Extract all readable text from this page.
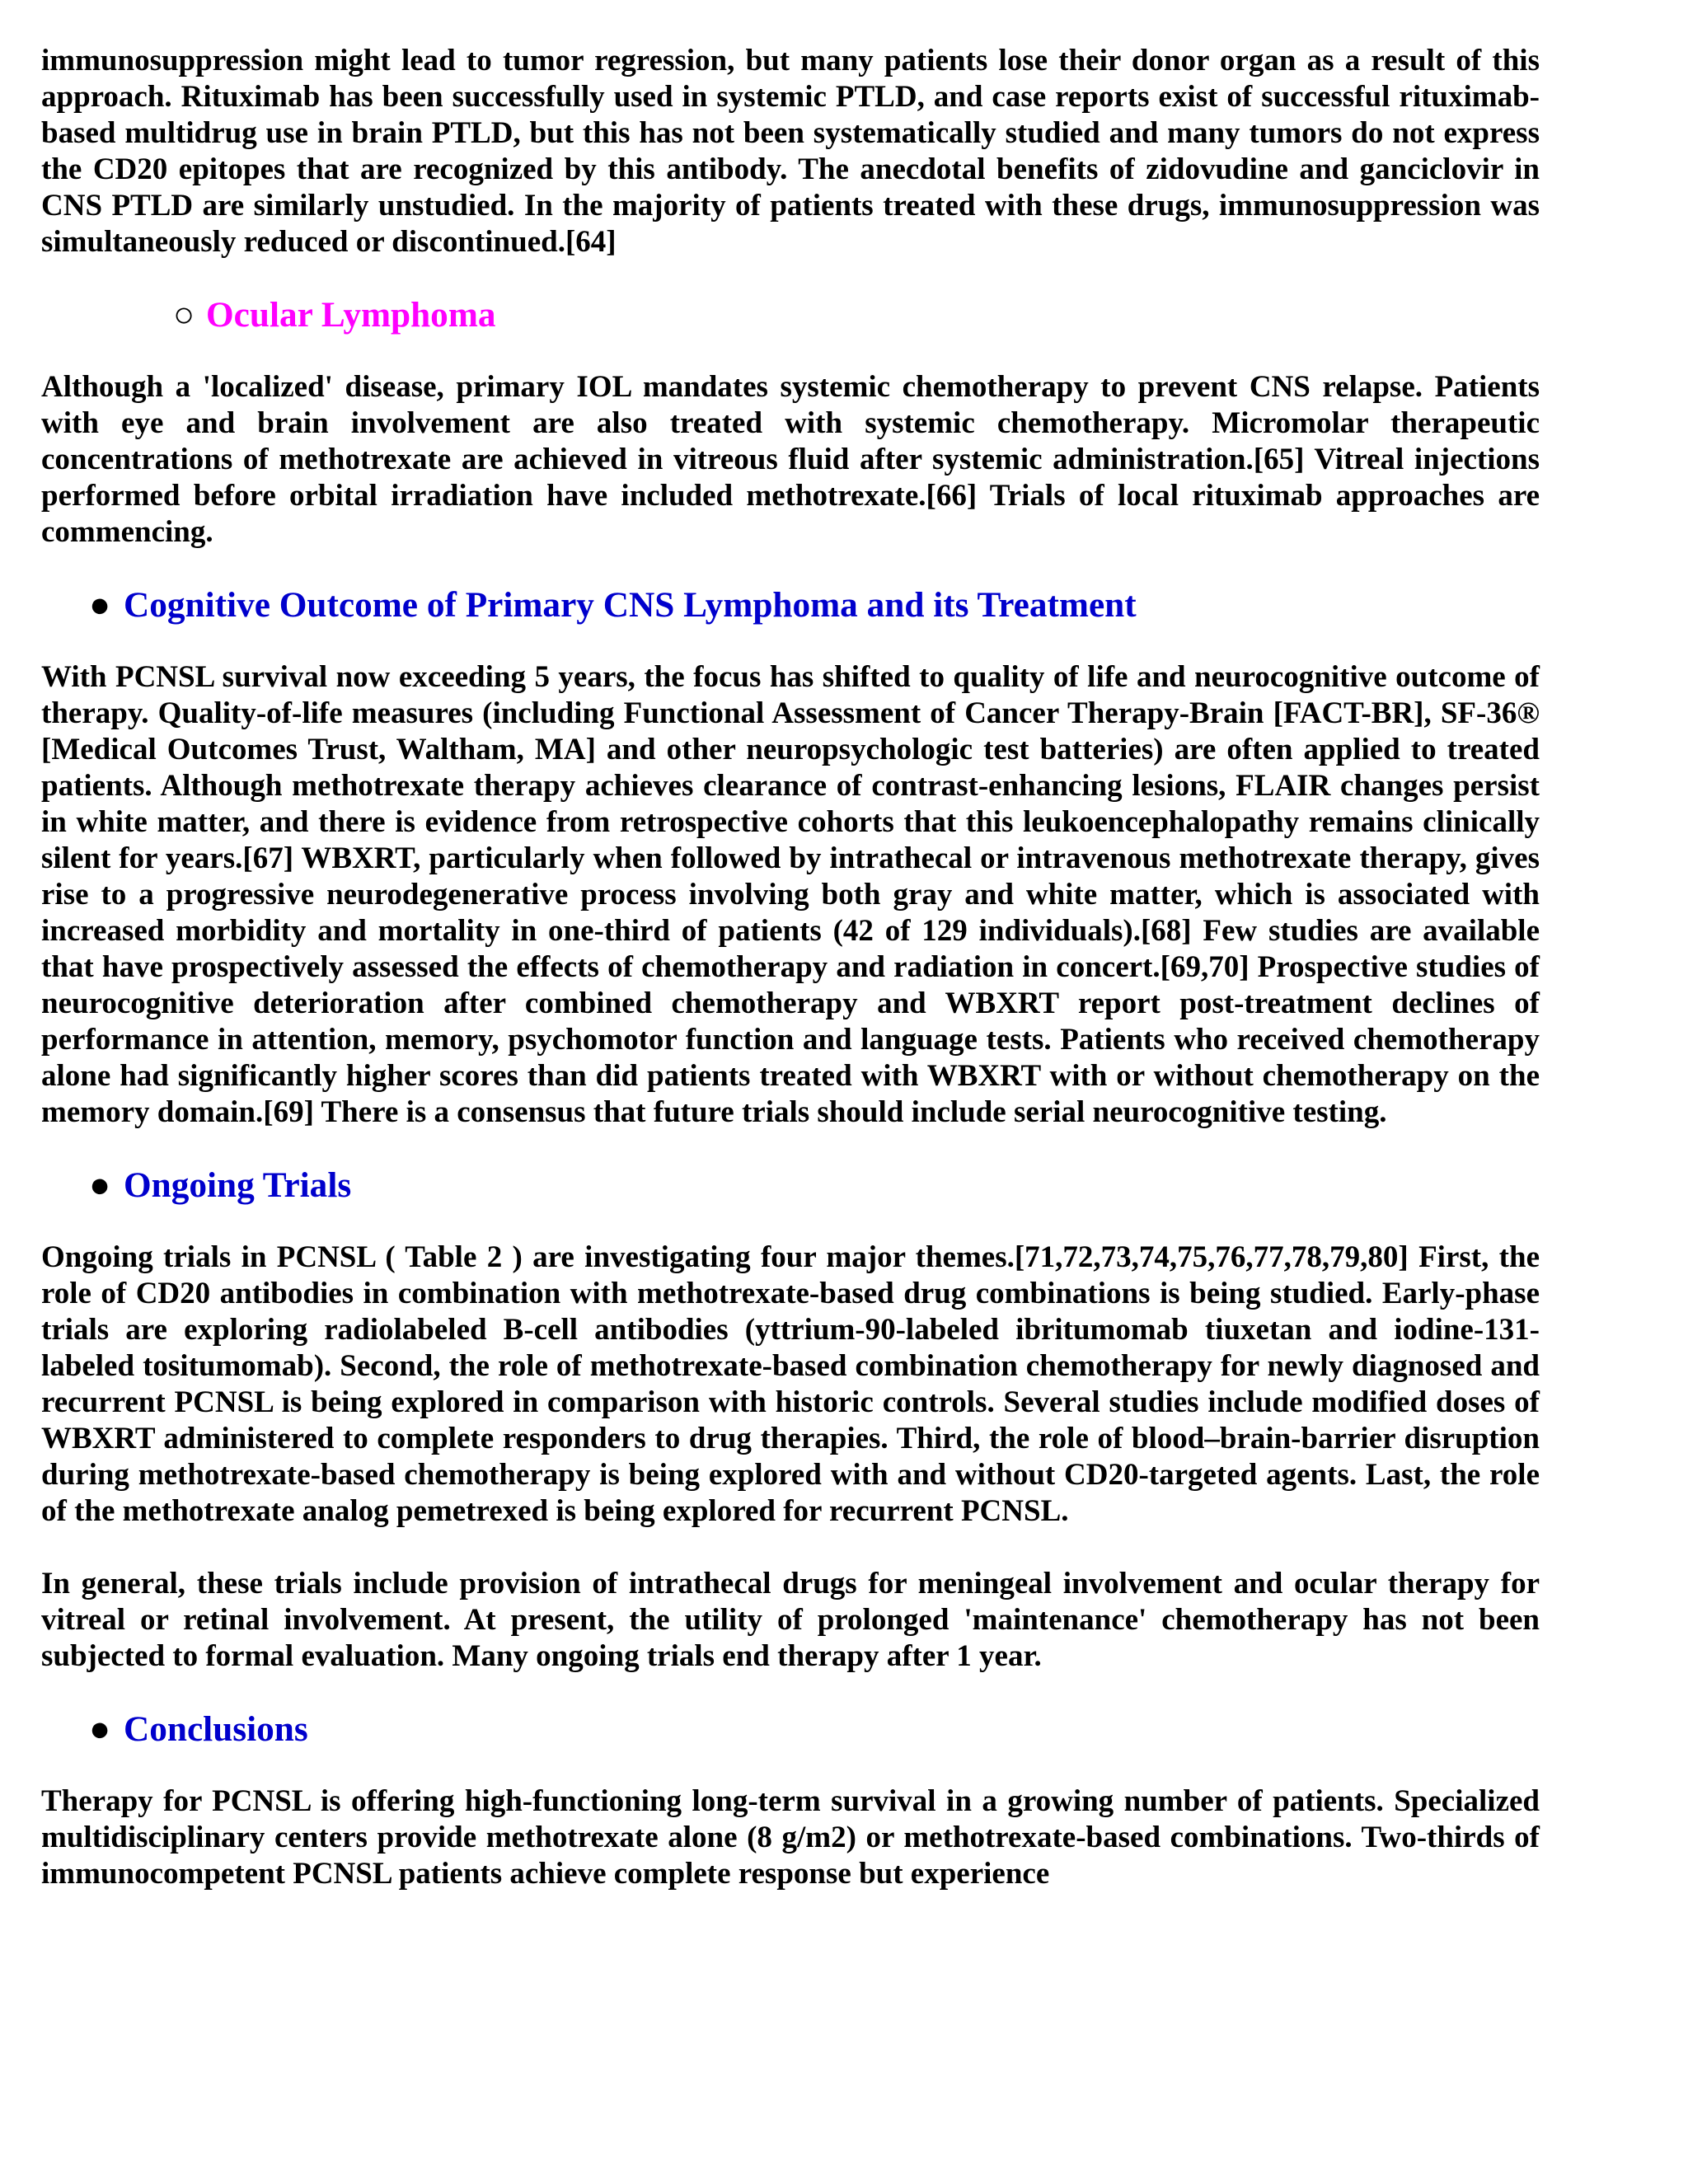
immunosuppression might lead to tumor regression, but many patients lose their donor organ as a result of this approach. Rituximab has been successfully used in systemic PTLD, and case reports exist of successful rituximab-based multidrug use in brain PTLD, but this has not been systematically studied and many tumors do not express the CD20 epitopes that are recognized by this antibody. The anecdotal benefits of zidovudine and ganciclovir in CNS PTLD are similarly unstudied. In the majority of patients treated with these drugs, immunosuppression was simultaneously reduced or discontinued.[64]

○ Ocular Lymphoma

Although a 'localized' disease, primary IOL mandates systemic chemotherapy to prevent CNS relapse. Patients with eye and brain involvement are also treated with systemic chemotherapy. Micromolar therapeutic concentrations of methotrexate are achieved in vitreous fluid after systemic administration.[65] Vitreal injections performed before orbital irradiation have included methotrexate.[66] Trials of local rituximab approaches are commencing.

● Cognitive Outcome of Primary CNS Lymphoma and its Treatment

With PCNSL survival now exceeding 5 years, the focus has shifted to quality of life and neurocognitive outcome of therapy. Quality-of-life measures (including Functional Assessment of Cancer Therapy-Brain [FACT-BR], SF-36® [Medical Outcomes Trust, Waltham, MA] and other neuropsychologic test batteries) are often applied to treated patients. Although methotrexate therapy achieves clearance of contrast-enhancing lesions, FLAIR changes persist in white matter, and there is evidence from retrospective cohorts that this leukoencephalopathy remains clinically silent for years.[67] WBXRT, particularly when followed by intrathecal or intravenous methotrexate therapy, gives rise to a progressive neurodegenerative process involving both gray and white matter, which is associated with increased morbidity and mortality in one-third of patients (42 of 129 individuals).[68] Few studies are available that have prospectively assessed the effects of chemotherapy and radiation in concert.[69,70] Prospective studies of neurocognitive deterioration after combined chemotherapy and WBXRT report post-treatment declines of performance in attention, memory, psychomotor function and language tests. Patients who received chemotherapy alone had significantly higher scores than did patients treated with WBXRT with or without chemotherapy on the memory domain.[69] There is a consensus that future trials should include serial neurocognitive testing.

● Ongoing Trials

Ongoing trials in PCNSL ( Table 2 ) are investigating four major themes.[71,72,73,74,75,76,77,78,79,80] First, the role of CD20 antibodies in combination with methotrexate-based drug combinations is being studied. Early-phase trials are exploring radiolabeled B-cell antibodies (yttrium-90-labeled ibritumomab tiuxetan and iodine-131-labeled tositumomab). Second, the role of methotrexate-based combination chemotherapy for newly diagnosed and recurrent PCNSL is being explored in comparison with historic controls. Several studies include modified doses of WBXRT administered to complete responders to drug therapies. Third, the role of blood–brain-barrier disruption during methotrexate-based chemotherapy is being explored with and without CD20-targeted agents. Last, the role of the methotrexate analog pemetrexed is being explored for recurrent PCNSL.

In general, these trials include provision of intrathecal drugs for meningeal involvement and ocular therapy for vitreal or retinal involvement. At present, the utility of prolonged 'maintenance' chemotherapy has not been subjected to formal evaluation. Many ongoing trials end therapy after 1 year.

● Conclusions

Therapy for PCNSL is offering high-functioning long-term survival in a growing number of patients. Specialized multidisciplinary centers provide methotrexate alone (8 g/m2) or methotrexate-based combinations. Two-thirds of immunocompetent PCNSL patients achieve complete response but experience
